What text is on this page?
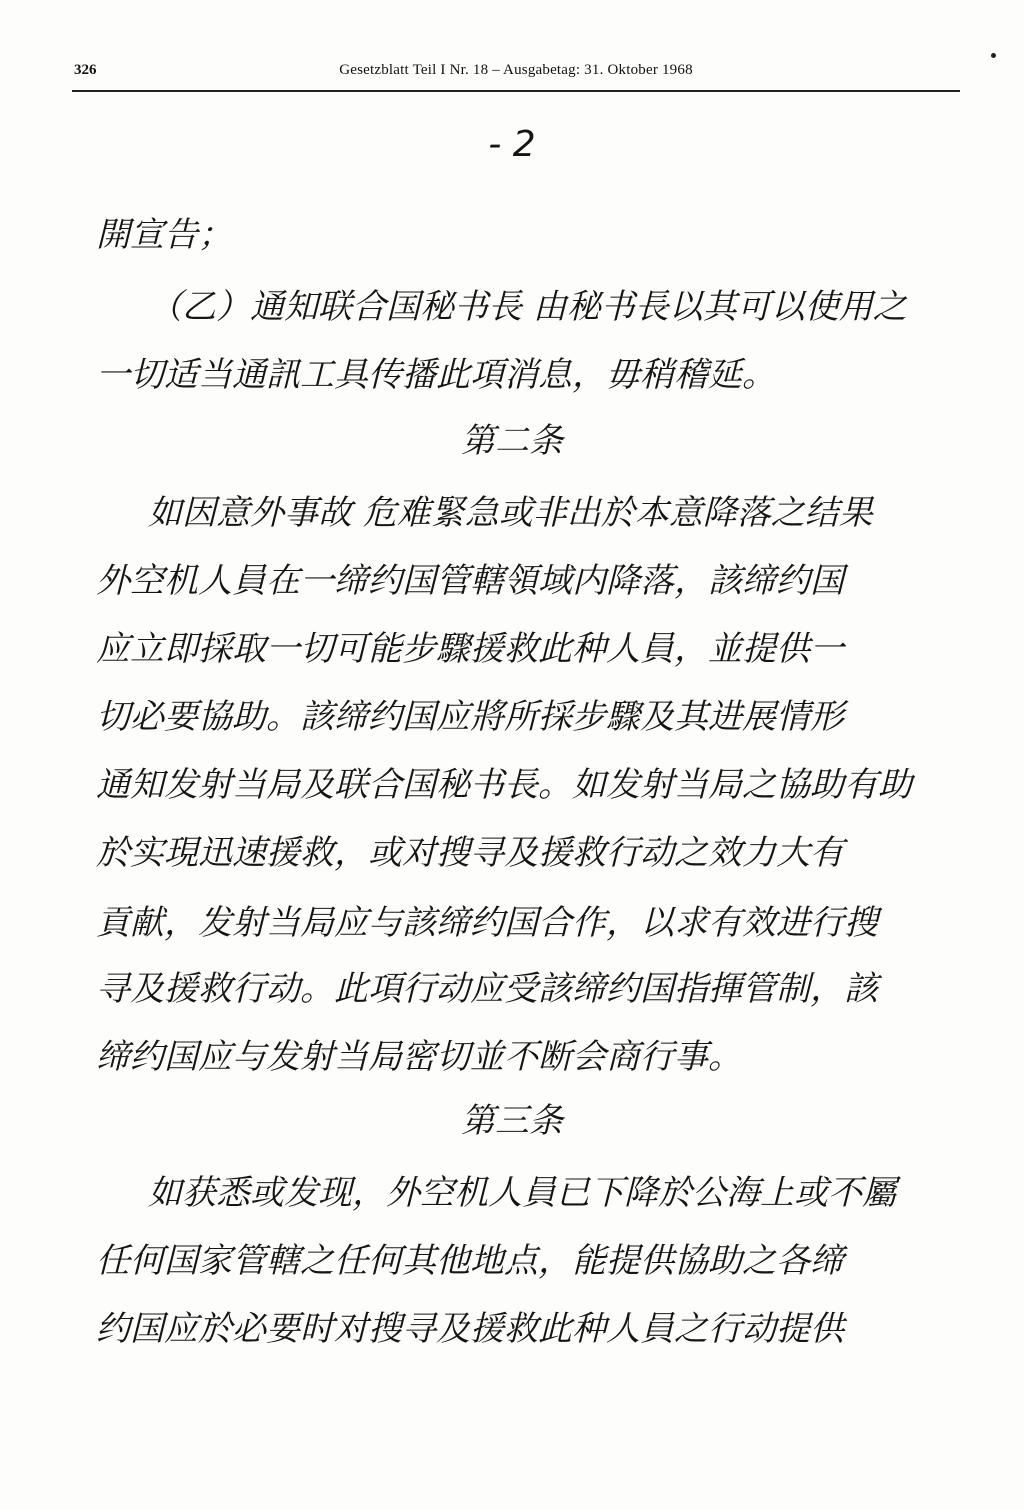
326	Gesetzblatt Teil I Nr. 18 – Ausgabetag: 31. Oktober 1968
- 2
開宣告；
（乙）通知联合国秘书長 由秘书長以其可以使用之
一切适当通訊工具传播此項消息，毋稍稽延。
第二条
如因意外事故 危难緊急或非出於本意降落之结果
外空机人員在一缔约国管轄領域内降落，該缔约国
应立即採取一切可能步驟援救此种人員，並提供一
切必要協助。該缔约国应將所採步驟及其进展情形
通知发射当局及联合国秘书長。如发射当局之協助有助
於实現迅速援救，或对搜寻及援救行动之效力大有
貢献，发射当局应与該缔约国合作，以求有效进行搜
寻及援救行动。此項行动应受該缔约国指揮管制，該
缔约国应与发射当局密切並不断会商行事。
第三条
如获悉或发现，外空机人員已下降於公海上或不屬
任何国家管轄之任何其他地点，能提供協助之各缔
约国应於必要时对搜寻及援救此种人員之行动提供
